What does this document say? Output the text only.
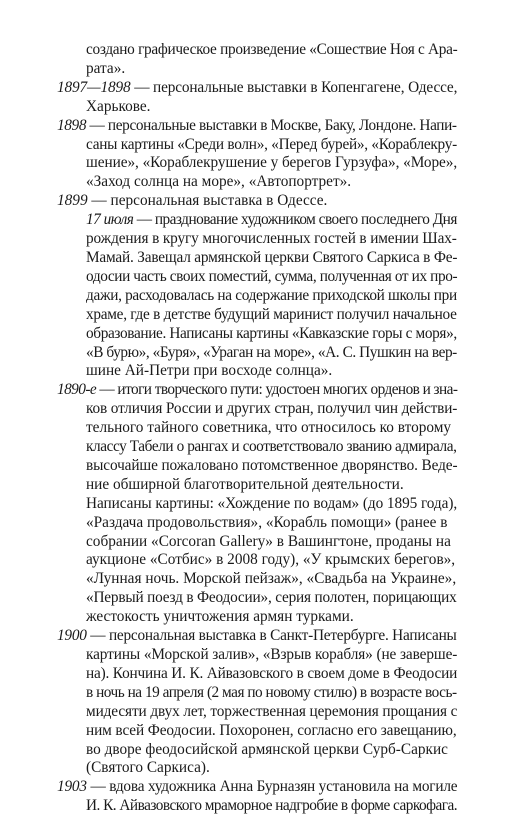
создано графическое произведение «Сошествие Ноя с Ара-
рата».
1897—1898 — персональные выставки в Копенгагене, Одессе,
Харькове.
1898 — персональные выставки в Москве, Баку, Лондоне. Напи-
саны картины «Среди волн», «Перед бурей», «Кораблекру-
шение», «Кораблекрушение у берегов Гурзуфа», «Море»,
«Заход солнца на море», «Автопортрет».
1899 — персональная выставка в Одессе.
17 июля — празднование художником своего последнего Дня
рождения в кругу многочисленных гостей в имении Шах-
Мамай. Завещал армянской церкви Святого Саркиса в Фе-
одосии часть своих поместий, сумма, полученная от их про-
дажи, расходовалась на содержание приходской школы при
храме, где в детстве будущий маринист получил начальное
образование. Написаны картины «Кавказские горы с моря»,
«В бурю», «Буря», «Ураган на море», «А. С. Пушкин на вер-
шине Ай-Петри при восходе солнца».
1890-е — итоги творческого пути: удостоен многих орденов и зна-
ков отличия России и других стран, получил чин действи-
тельного тайного советника, что относилось ко второму
классу Табели о рангах и соответствовало званию адмирала,
высочайше пожаловано потомственное дворянство. Веде-
ние обширной благотворительной деятельности.
Написаны картины: «Хождение по водам» (до 1895 года),
«Раздача продовольствия», «Корабль помощи» (ранее в
собрании «Corcoran Gallery» в Вашингтоне, проданы на
аукционе «Сотбис» в 2008 году), «У крымских берегов»,
«Лунная ночь. Морской пейзаж», «Свадьба на Украине»,
«Первый поезд в Феодосии», серия полотен, порицающих
жестокость уничтожения армян турками.
1900 — персональная выставка в Санкт-Петербурге. Написаны
картины «Морской залив», «Взрыв корабля» (не заверше-
на). Кончина И. К. Айвазовского в своем доме в Феодосии
в ночь на 19 апреля (2 мая по новому стилю) в возрасте вось-
мидесяти двух лет, торжественная церемония прощания с
ним всей Феодосии. Похоронен, согласно его завещанию,
во дворе феодосийской армянской церкви Сурб-Саркис
(Святого Саркиса).
1903 — вдова художника Анна Бурназян установила на могиле
И. К. Айвазовского мраморное надгробие в форме саркофага.
